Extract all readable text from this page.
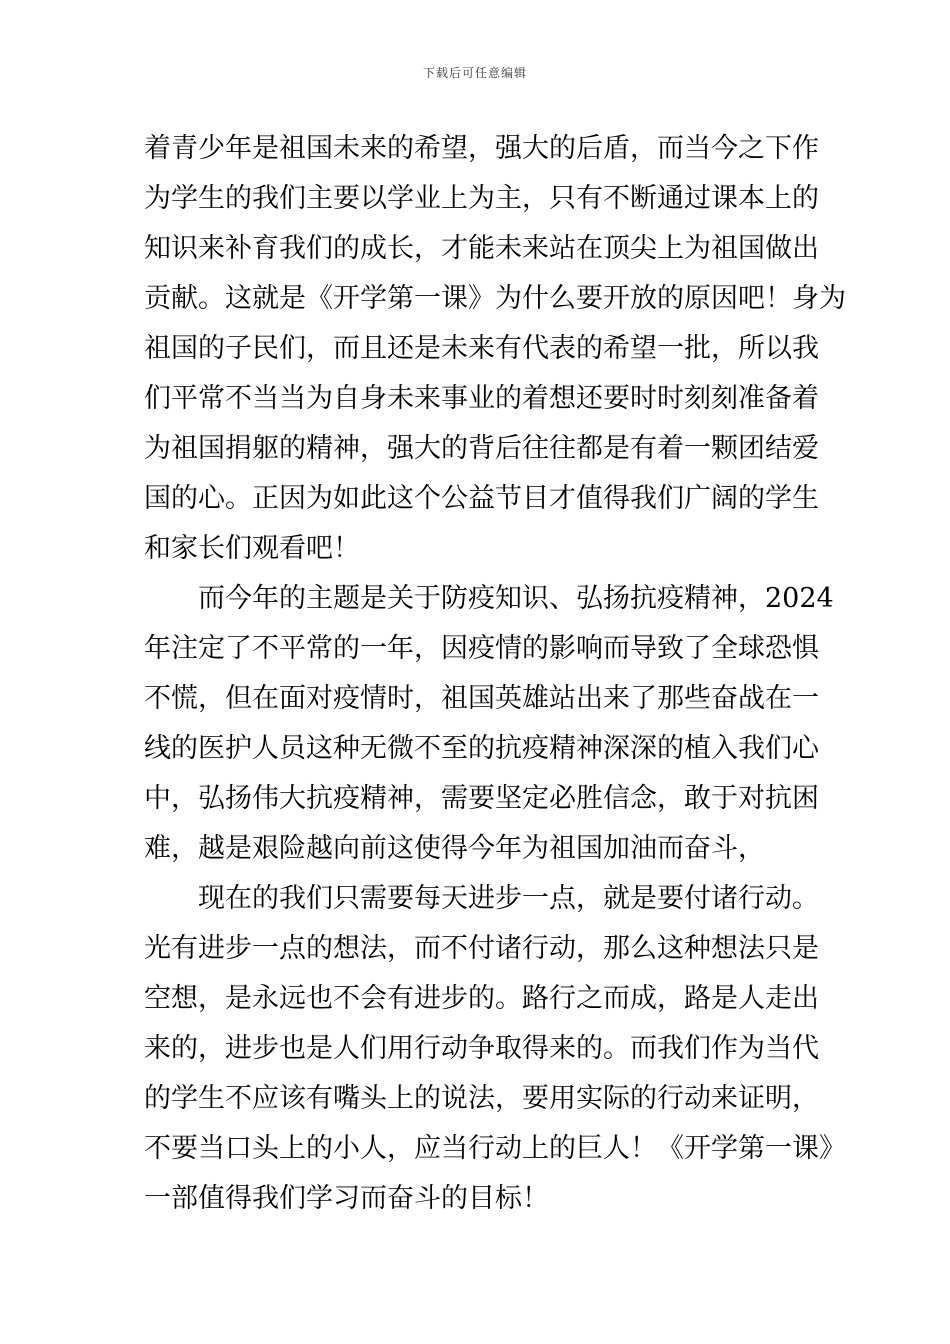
下载后可任意编辑
着青少年是祖国未来的希望，强大的后盾，而当今之下作
为学生的我们主要以学业上为主，只有不断通过课本上的
知识来补育我们的成长，才能未来站在顶尖上为祖国做出
贡献。这就是《开学第一课》为什么要开放的原因吧！身为
祖国的子民们，而且还是未来有代表的希望一批，所以我
们平常不当当为自身未来事业的着想还要时时刻刻准备着
为祖国捐躯的精神，强大的背后往往都是有着一颗团结爱
国的心。正因为如此这个公益节目才值得我们广阔的学生
和家长们观看吧！
而今年的主题是关于防疫知识、弘扬抗疫精神，2024
年注定了不平常的一年，因疫情的影响而导致了全球恐惧
不慌，但在面对疫情时，祖国英雄站出来了那些奋战在一
线的医护人员这种无微不至的抗疫精神深深的植入我们心
中，弘扬伟大抗疫精神，需要坚定必胜信念，敢于对抗困
难，越是艰险越向前这使得今年为祖国加油而奋斗，
现在的我们只需要每天进步一点，就是要付诸行动。
光有进步一点的想法，而不付诸行动，那么这种想法只是
空想，是永远也不会有进步的。路行之而成，路是人走出
来的，进步也是人们用行动争取得来的。而我们作为当代
的学生不应该有嘴头上的说法，要用实际的行动来证明，
不要当口头上的小人，应当行动上的巨人！《开学第一课》
一部值得我们学习而奋斗的目标！
